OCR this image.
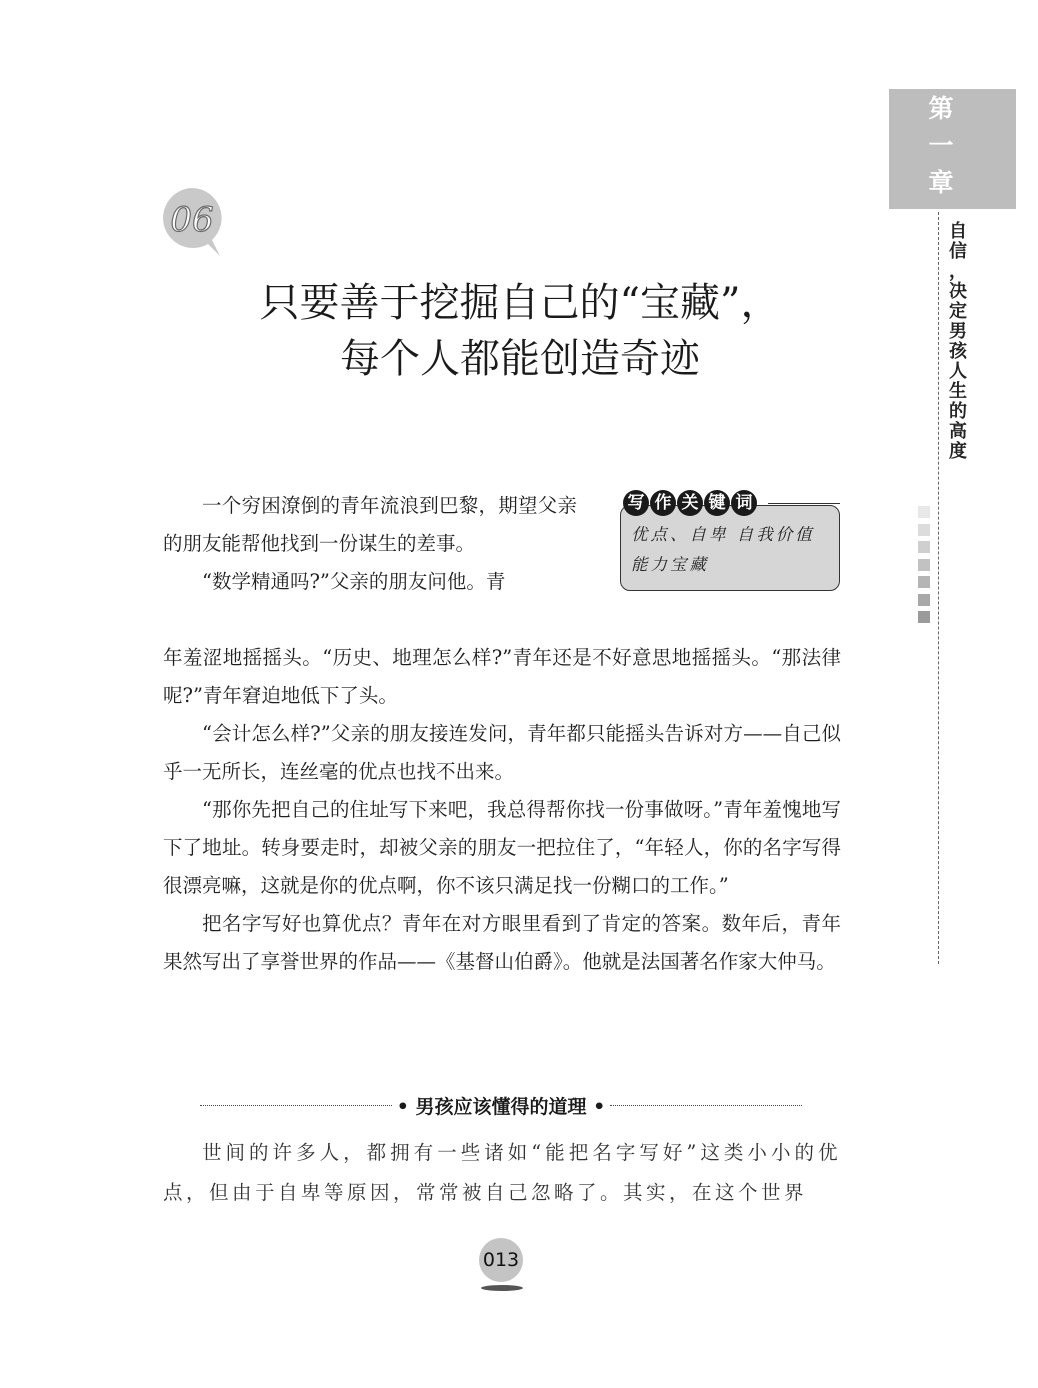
第
一
章
自
信
，
决
定
男
孩
人
生
的
高
度
06
只要善于挖掘自己的“宝藏”，
每个人都能创造奇迹

一个穷困潦倒的青年流浪到巴黎，期望父亲的朋友能帮他找到一份谋生的差事。

“数学精通吗?”父亲的朋友问他。青

写 作 关 键 词
优点、自卑 自我价值
能力宝藏

年羞涩地摇摇头。“历史、地理怎么样?”青年还是不好意思地摇摇头。“那法律呢?”青年窘迫地低下了头。

“会计怎么样?”父亲的朋友接连发问，青年都只能摇头告诉对方——自己似乎一无所长，连丝毫的优点也找不出来。

“那你先把自己的住址写下来吧，我总得帮你找一份事做呀。”青年羞愧地写下了地址。转身要走时，却被父亲的朋友一把拉住了，“年轻人，你的名字写得很漂亮嘛，这就是你的优点啊，你不该只满足找一份糊口的工作。”

把名字写好也算优点？青年在对方眼里看到了肯定的答案。数年后，青年果然写出了享誉世界的作品——《基督山伯爵》。他就是法国著名作家大仲马。

• 男孩应该懂得的道理 •

世间的许多人，都拥有一些诸如“能把名字写好”这类小小的优点，但由于自卑等原因，常常被自己忽略了。其实，在这个世界

013
